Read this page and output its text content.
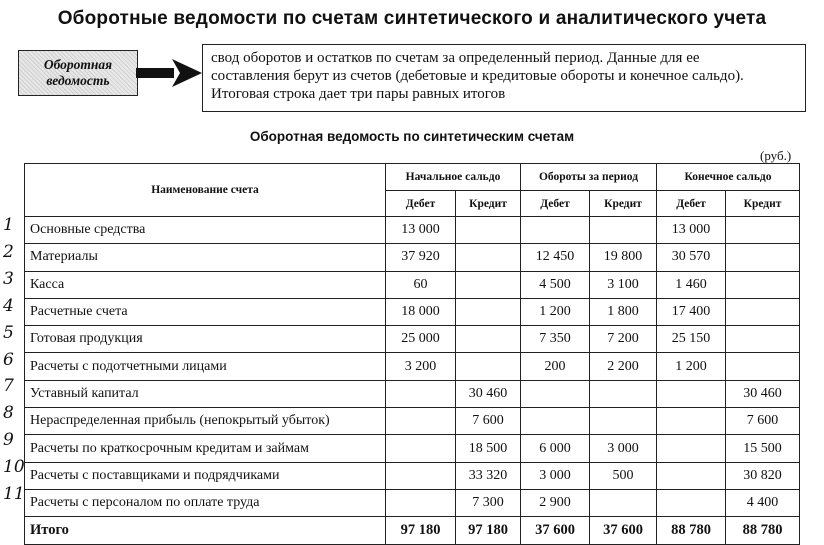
Оборотные ведомости по счетам синтетического и аналитического учета
Оборотная
ведомость
свод оборотов и остатков по счетам за определенный период. Данные для ее
составления берут из счетов (дебетовые и кредитовые обороты и конечное сальдо).
Итоговая строка дает три пары равных итогов
Оборотная ведомость по синтетическим счетам
(руб.)
Наименование счета	Начальное сальдо		Обороты за период		Конечное сальдо	
	Дебет	Кредит	Дебет	Кредит	Дебет	Кредит
Основные средства	13 000				13 000	
Материалы	37 920		12 450	19 800	30 570	
Касса	60		4 500	3 100	1 460	
Расчетные счета	18 000		1 200	1 800	17 400	
Готовая продукция	25 000		7 350	7 200	25 150	
Расчеты с подотчетными лицами	3 200		200	2 200	1 200	
Уставный капитал		30 460				30 460
Нераспределенная прибыль (непокрытый убыток)		7 600				7 600
Расчеты по краткосрочным кредитам и займам		18 500	6 000	3 000		15 500
Расчеты с поставщиками и подрядчиками		33 320	3 000	500		30 820
Расчеты с персоналом по оплате труда		7 300	2 900			4 400
Итого	97 180	97 180	37 600	37 600	88 780	88 780
1
2
3
4
5
6
7
8
9
10
11
